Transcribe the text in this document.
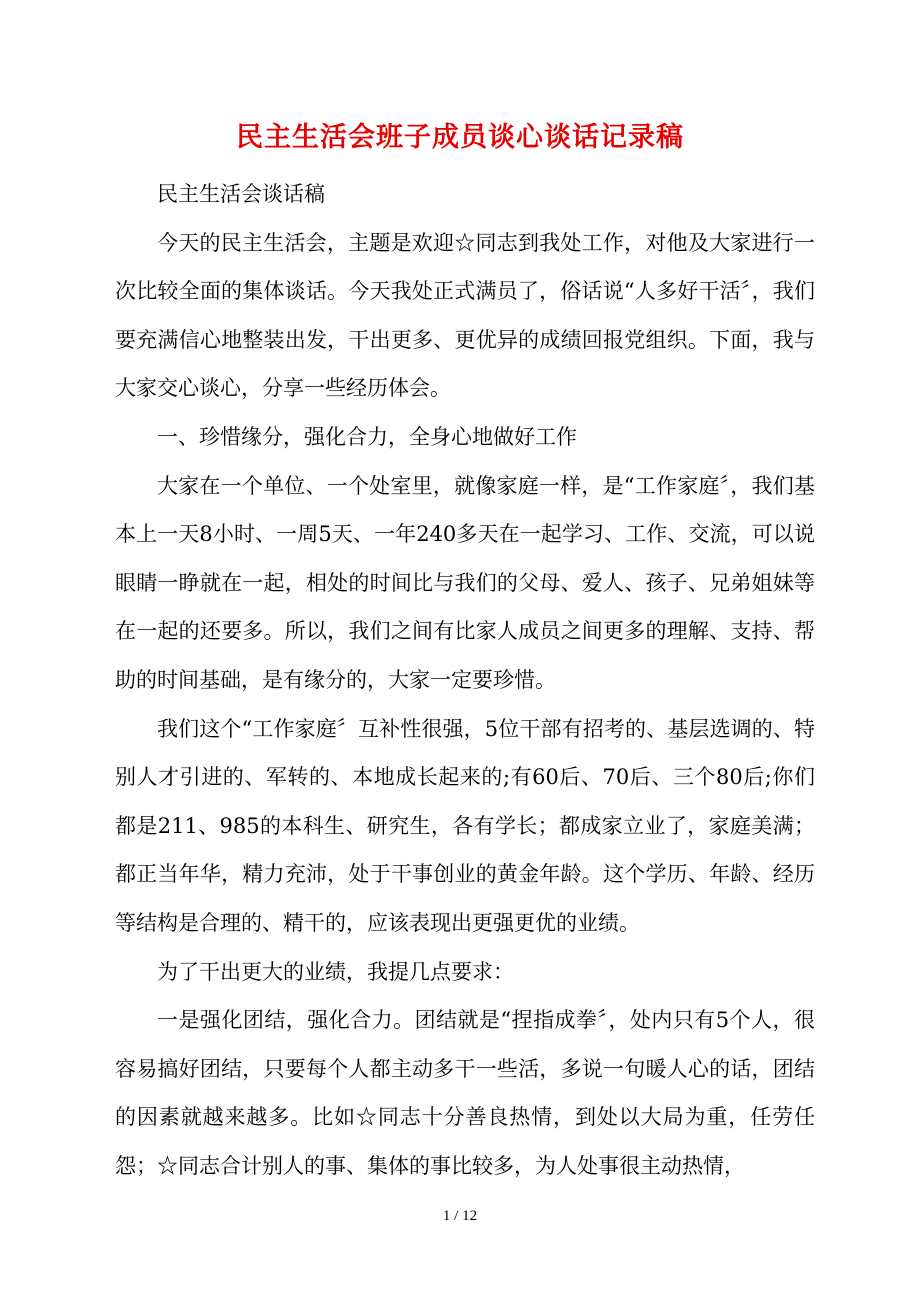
民主生活会班子成员谈心谈话记录稿

民主生活会谈话稿

今天的民主生活会，主题是欢迎☆同志到我处工作，对他及大家进行一次比较全面的集体谈话。今天我处正式满员了，俗话说“人多好干活〞，我们要充满信心地整装出发，干出更多、更优异的成绩回报党组织。下面，我与大家交心谈心，分享一些经历体会。

一、珍惜缘分，强化合力，全身心地做好工作

大家在一个单位、一个处室里，就像家庭一样，是“工作家庭〞，我们基本上一天8小时、一周5天、一年240多天在一起学习、工作、交流，可以说眼睛一睁就在一起，相处的时间比与我们的父母、爱人、孩子、兄弟姐妹等在一起的还要多。所以，我们之间有比家人成员之间更多的理解、支持、帮助的时间基础，是有缘分的，大家一定要珍惜。

我们这个“工作家庭〞互补性很强，5位干部有招考的、基层选调的、特别人才引进的、军转的、本地成长起来的;有60后、70后、三个80后;你们都是211、985的本科生、研究生，各有学长；都成家立业了，家庭美满；都正当年华，精力充沛，处于干事创业的黄金年龄。这个学历、年龄、经历等结构是合理的、精干的，应该表现出更强更优的业绩。

为了干出更大的业绩，我提几点要求：

一是强化团结，强化合力。团结就是“捏指成拳〞，处内只有5个人，很容易搞好团结，只要每个人都主动多干一些活，多说一句暖人心的话，团结的因素就越来越多。比如☆同志十分善良热情，到处以大局为重，任劳任怨；☆同志合计别人的事、集体的事比较多，为人处事很主动热情，

1 / 12
